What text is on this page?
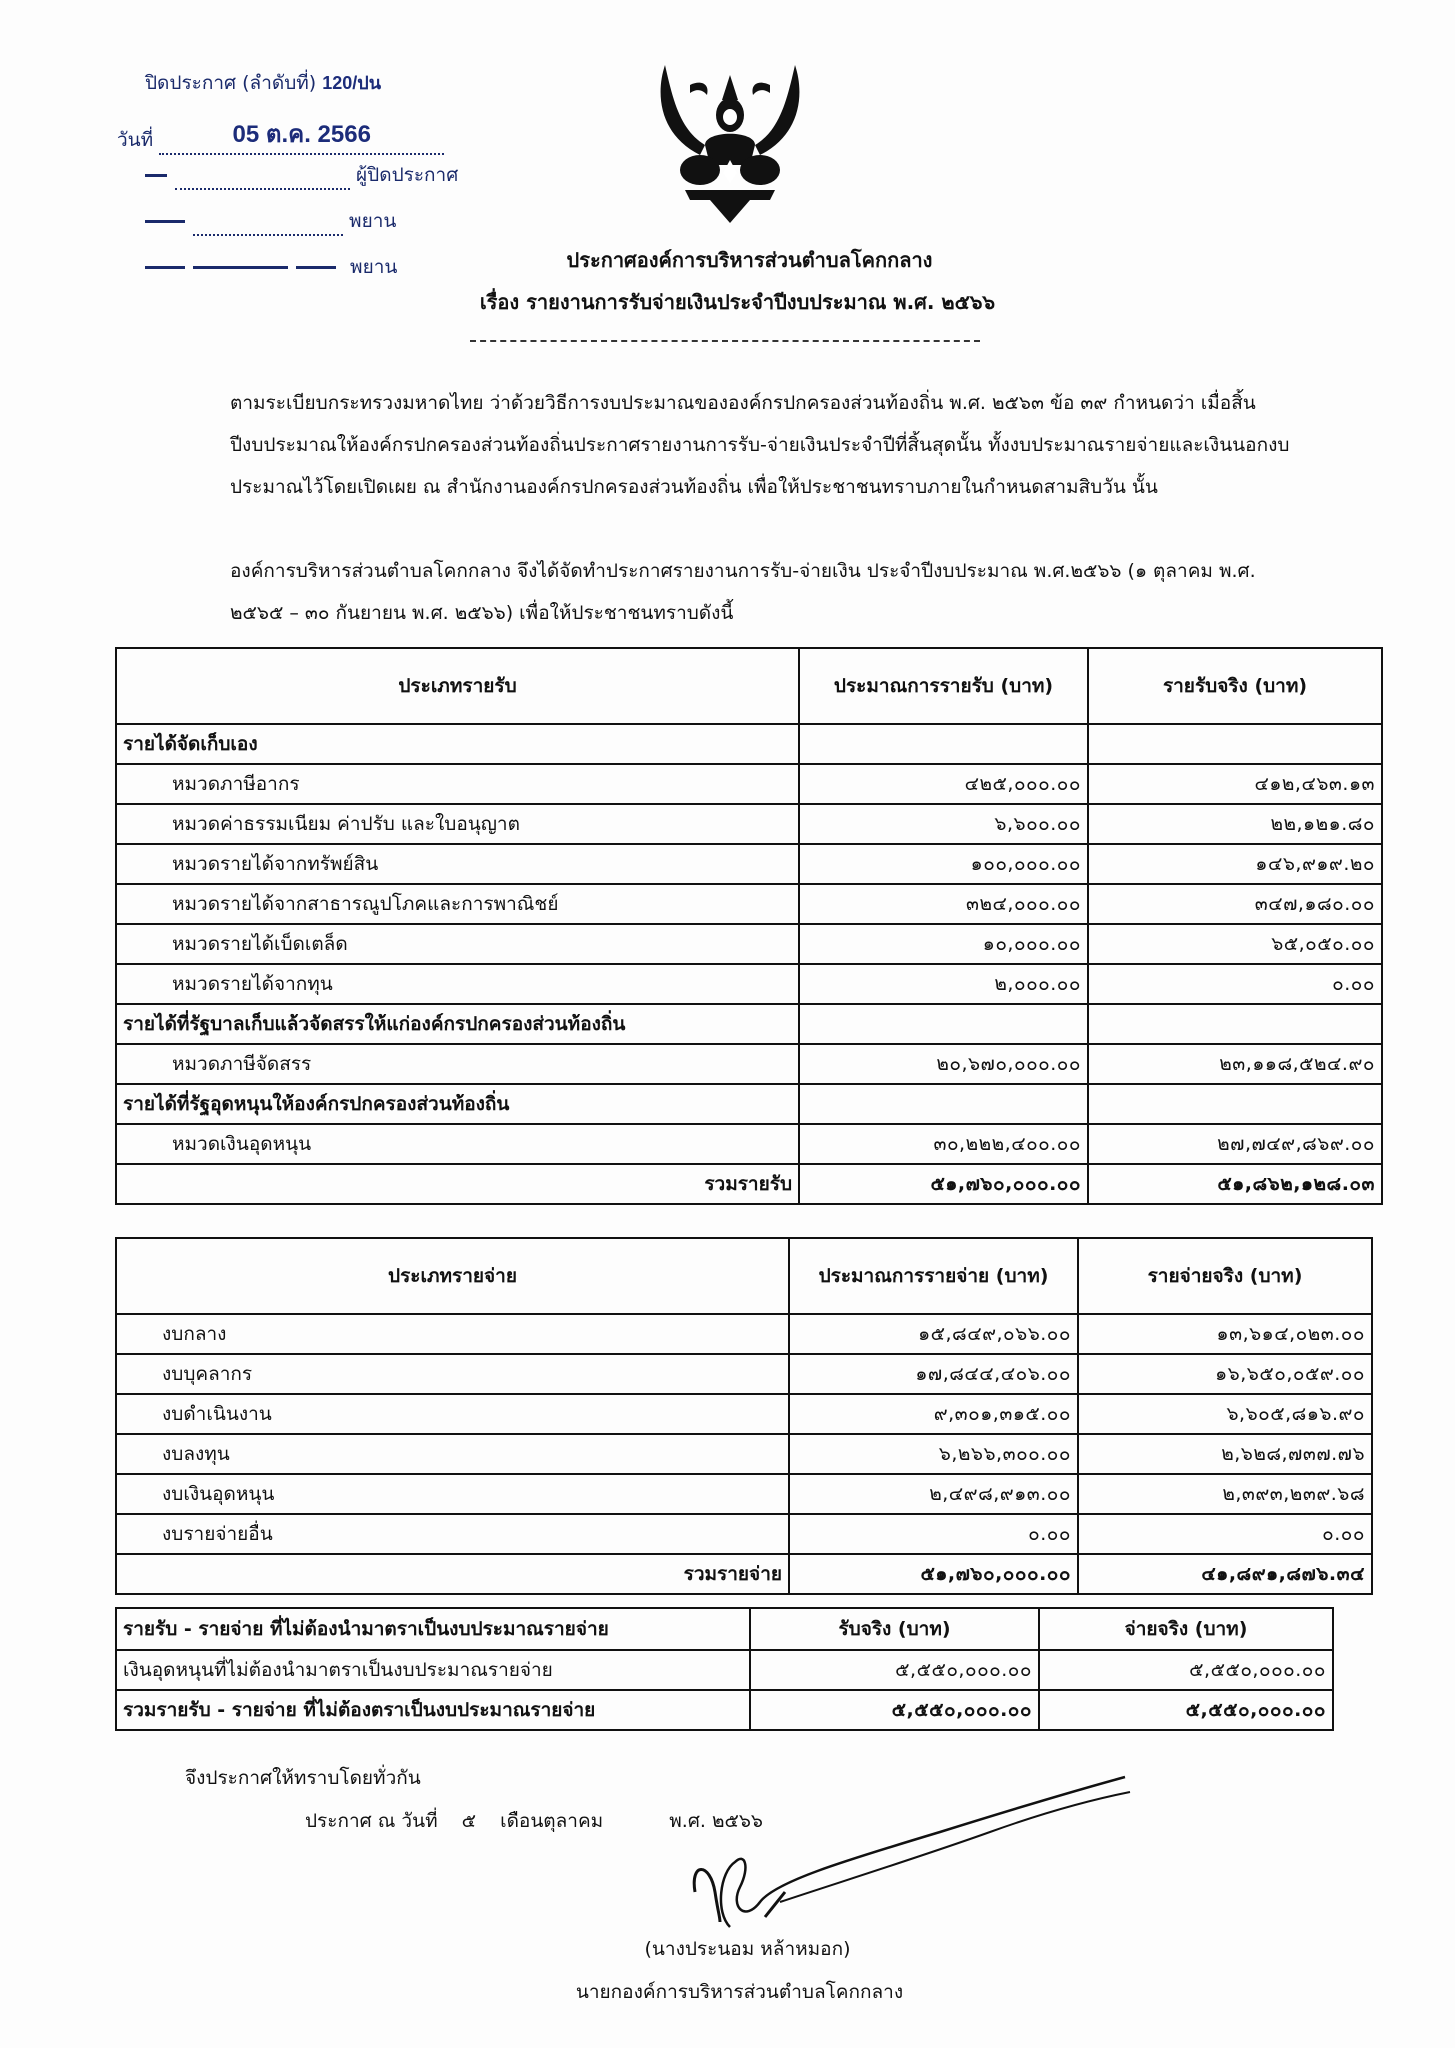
ปิดประกาศ (ลำดับที่) 120/ปน
วันที่	05 ต.ค. 2566
ผู้ปิดประกาศ
พยาน
พยาน	ประกาศองค์การบริหารส่วนตำบลโคกกลาง
เรื่อง รายงานการรับจ่ายเงินประจำปีงบประมาณ พ.ศ. ๒๕๖๖
ตามระเบียบกระทรวงมหาดไทย ว่าด้วยวิธีการงบประมาณขององค์กรปกครองส่วนท้องถิ่น พ.ศ. ๒๕๖๓ ข้อ ๓๙ กำหนดว่า เมื่อสิ้นปีงบประมาณให้องค์กรปกครองส่วนท้องถิ่นประกาศรายงานการรับ-จ่ายเงินประจำปีที่สิ้นสุดนั้น ทั้งงบประมาณรายจ่ายและเงินนอกงบประมาณไว้โดยเปิดเผย ณ สำนักงานองค์กรปกครองส่วนท้องถิ่น เพื่อให้ประชาชนทราบภายในกำหนดสามสิบวัน นั้น
องค์การบริหารส่วนตำบลโคกกลาง จึงได้จัดทำประกาศรายงานการรับ-จ่ายเงิน ประจำปีงบประมาณ พ.ศ.๒๕๖๖ (๑ ตุลาคม พ.ศ. ๒๕๖๕ – ๓๐ กันยายน พ.ศ. ๒๕๖๖) เพื่อให้ประชาชนทราบดังนี้
ประเภทรายรับ	ประมาณการรายรับ (บาท)	รายรับจริง (บาท)
รายได้จัดเก็บเอง		
หมวดภาษีอากร	๔๒๕,๐๐๐.๐๐	๔๑๒,๔๖๓.๑๓
หมวดค่าธรรมเนียม ค่าปรับ และใบอนุญาต	๖,๖๐๐.๐๐	๒๒,๑๒๑.๘๐
หมวดรายได้จากทรัพย์สิน	๑๐๐,๐๐๐.๐๐	๑๔๖,๙๑๙.๒๐
หมวดรายได้จากสาธารณูปโภคและการพาณิชย์	๓๒๔,๐๐๐.๐๐	๓๔๗,๑๘๐.๐๐
หมวดรายได้เบ็ดเตล็ด	๑๐,๐๐๐.๐๐	๖๕,๐๕๐.๐๐
หมวดรายได้จากทุน	๒,๐๐๐.๐๐	๐.๐๐
รายได้ที่รัฐบาลเก็บแล้วจัดสรรให้แก่องค์กรปกครองส่วนท้องถิ่น		
หมวดภาษีจัดสรร	๒๐,๖๗๐,๐๐๐.๐๐	๒๓,๑๑๘,๕๒๔.๙๐
รายได้ที่รัฐอุดหนุนให้องค์กรปกครองส่วนท้องถิ่น		
หมวดเงินอุดหนุน	๓๐,๒๒๒,๔๐๐.๐๐	๒๗,๗๔๙,๘๖๙.๐๐
รวมรายรับ	๕๑,๗๖๐,๐๐๐.๐๐	๕๑,๘๖๒,๑๒๘.๐๓
ประเภทรายจ่าย	ประมาณการรายจ่าย (บาท)	รายจ่ายจริง (บาท)
งบกลาง	๑๕,๘๔๙,๐๖๖.๐๐	๑๓,๖๑๔,๐๒๓.๐๐
งบบุคลากร	๑๗,๘๔๔,๔๐๖.๐๐	๑๖,๖๕๐,๐๕๙.๐๐
งบดำเนินงาน	๙,๓๐๑,๓๑๕.๐๐	๖,๖๐๕,๘๑๖.๙๐
งบลงทุน	๖,๒๖๖,๓๐๐.๐๐	๒,๖๒๘,๗๓๗.๗๖
งบเงินอุดหนุน	๒,๔๙๘,๙๑๓.๐๐	๒,๓๙๓,๒๓๙.๖๘
งบรายจ่ายอื่น	๐.๐๐	๐.๐๐
รวมรายจ่าย	๕๑,๗๖๐,๐๐๐.๐๐	๔๑,๘๙๑,๘๗๖.๓๔
รายรับ - รายจ่าย ที่ไม่ต้องนำมาตราเป็นงบประมาณรายจ่าย	รับจริง (บาท)	จ่ายจริง (บาท)
เงินอุดหนุนที่ไม่ต้องนำมาตราเป็นงบประมาณรายจ่าย	๕,๕๕๐,๐๐๐.๐๐	๕,๕๕๐,๐๐๐.๐๐
รวมรายรับ - รายจ่าย ที่ไม่ต้องตราเป็นงบประมาณรายจ่าย	๕,๕๕๐,๐๐๐.๐๐	๕,๕๕๐,๐๐๐.๐๐
จึงประกาศให้ทราบโดยทั่วกัน
ประกาศ ณ วันที่ ๕ เดือนตุลาคม	พ.ศ. ๒๕๖๖
(นางประนอม หล้าหมอก)
นายกองค์การบริหารส่วนตำบลโคกกลาง
